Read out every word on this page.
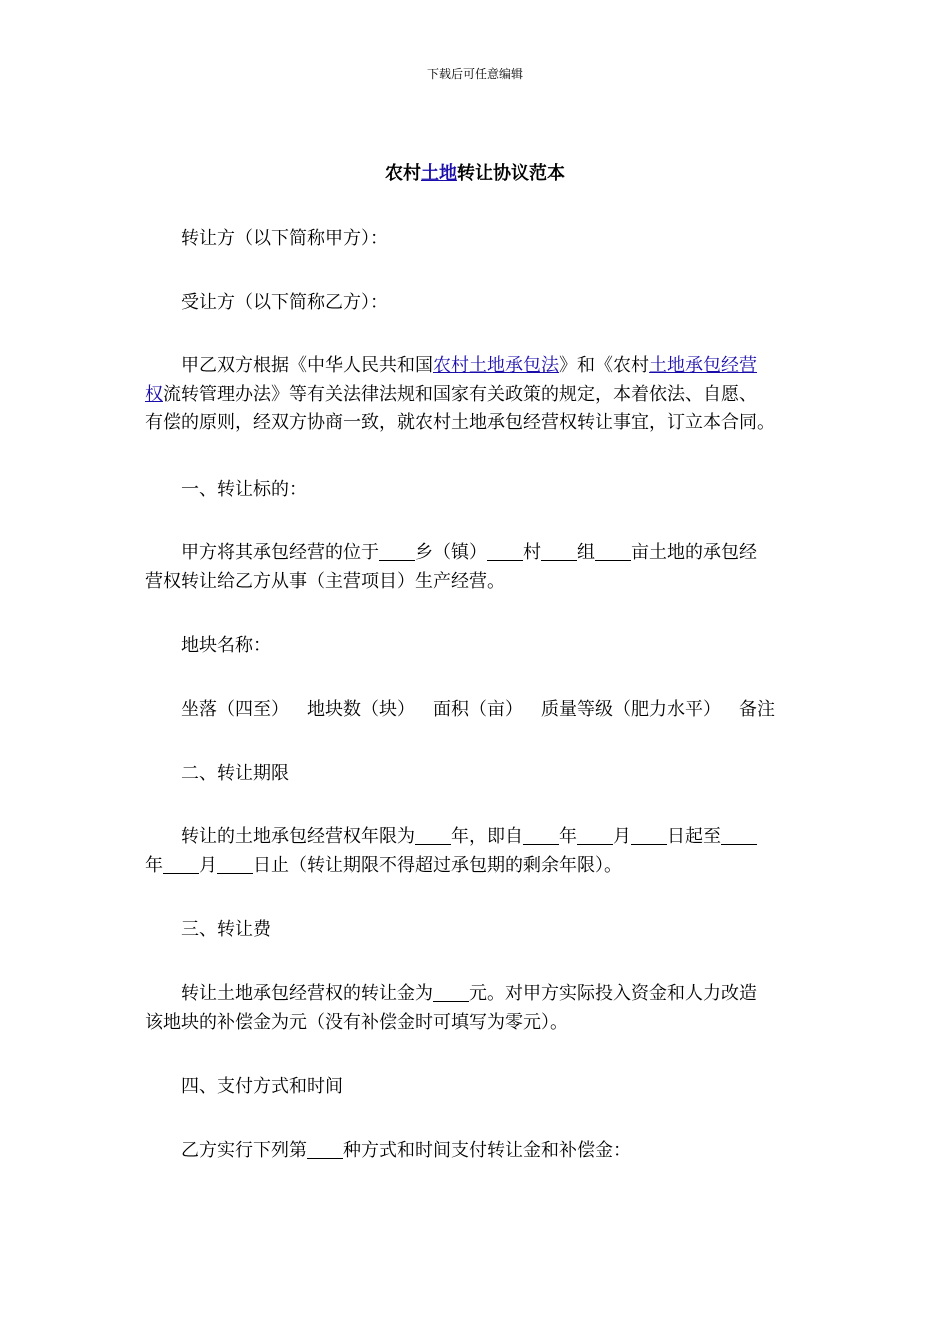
下载后可任意编辑
农村土地转让协议范本
转让方（以下简称甲方）：
受让方（以下简称乙方）：
甲乙双方根据《中华人民共和国农村土地承包法》和《农村土地承包经营
权流转管理办法》等有关法律法规和国家有关政策的规定，本着依法、自愿、
有偿的原则，经双方协商一致，就农村土地承包经营权转让事宜，订立本合同。
一、转让标的：
甲方将其承包经营的位于 乡（镇） 村 组 亩土地的承包经
营权转让给乙方从事（主营项目）生产经营。
地块名称：
坐落（四至） 地块数（块） 面积（亩） 质量等级（肥力水平） 备注
二、转让期限
转让的土地承包经营权年限为 年，即自 年 月 日起至
年 月 日止（转让期限不得超过承包期的剩余年限）。
三、转让费
转让土地承包经营权的转让金为 元。对甲方实际投入资金和人力改造
该地块的补偿金为元（没有补偿金时可填写为零元）。
四、支付方式和时间
乙方实行下列第 种方式和时间支付转让金和补偿金：
